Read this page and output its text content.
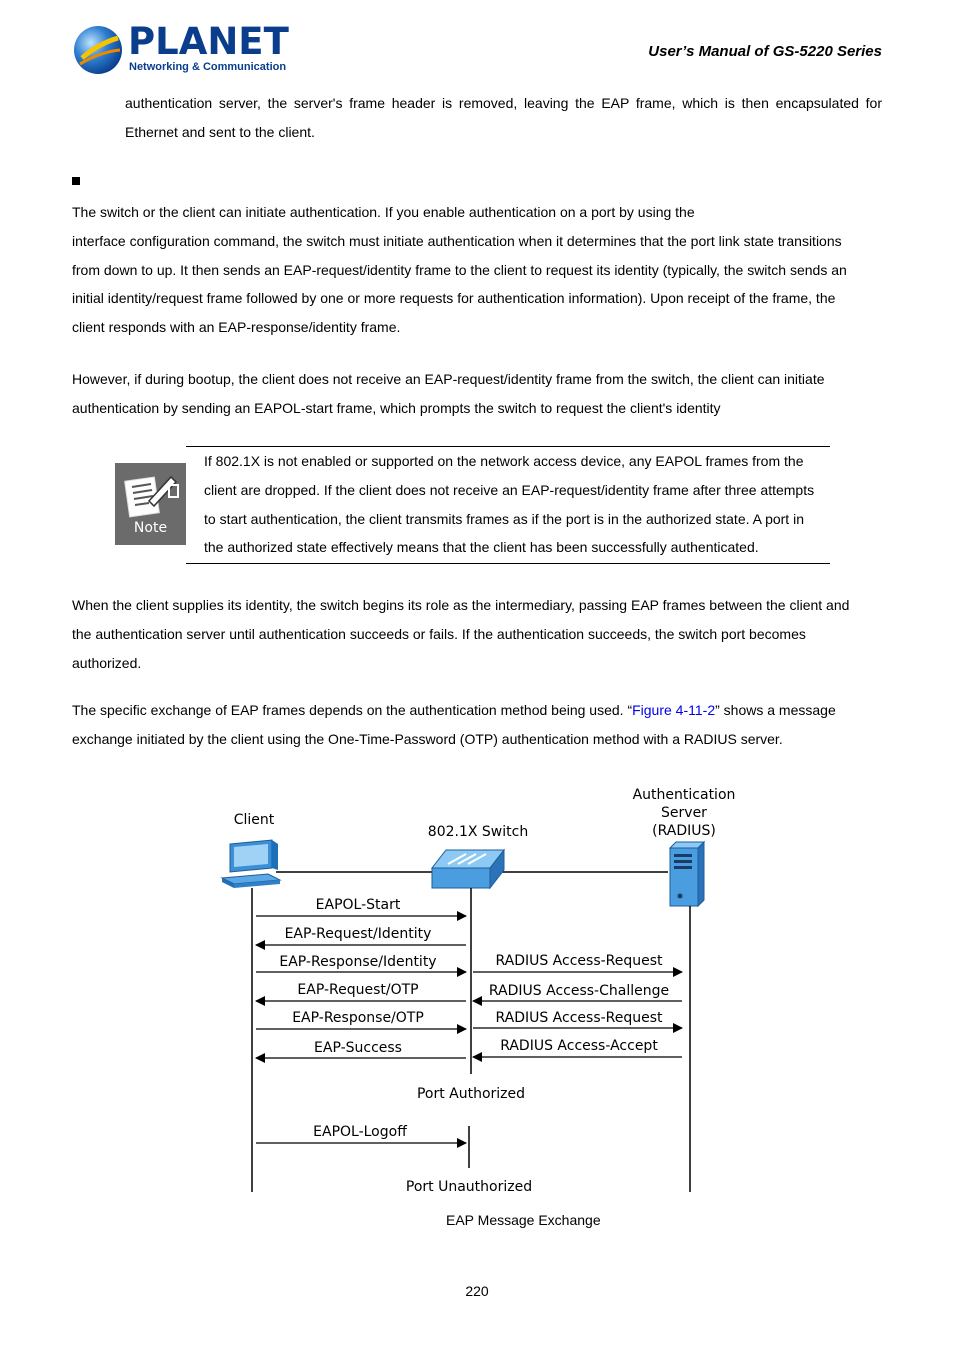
PLANET
Networking & Communication
User’s Manual of GS-5220 Series

authentication server, the server's frame header is removed, leaving the EAP frame, which is then encapsulated for Ethernet and sent to the client.

The switch or the client can initiate authentication. If you enable authentication on a port by using the
interface configuration command, the switch must initiate authentication when it determines that the port link state transitions
from down to up. It then sends an EAP-request/identity frame to the client to request its identity (typically, the switch sends an
initial identity/request frame followed by one or more requests for authentication information). Upon receipt of the frame, the
client responds with an EAP-response/identity frame.
However, if during bootup, the client does not receive an EAP-request/identity frame from the switch, the client can initiate
authentication by sending an EAPOL-start frame, which prompts the switch to request the client's identity
Note
If 802.1X is not enabled or supported on the network access device, any EAPOL frames from the
client are dropped. If the client does not receive an EAP-request/identity frame after three attempts
to start authentication, the client transmits frames as if the port is in the authorized state. A port in
the authorized state effectively means that the client has been successfully authenticated.
When the client supplies its identity, the switch begins its role as the intermediary, passing EAP frames between the client and
the authentication server until authentication succeeds or fails. If the authentication succeeds, the switch port becomes
authorized.
The specific exchange of EAP frames depends on the authentication method being used. “Figure 4-11-2” shows a message
exchange initiated by the client using the One-Time-Password (OTP) authentication method with a RADIUS server.
Client
802.1X Switch
Authentication
Server
(RADIUS)
EAPOL-Start
EAP-Request/Identity
EAP-Response/Identity
EAP-Request/OTP
EAP-Response/OTP
EAP-Success
RADIUS Access-Request
RADIUS Access-Challenge
RADIUS Access-Request
RADIUS Access-Accept
Port Authorized
EAPOL-Logoff
Port Unauthorized
EAP Message Exchange
220
